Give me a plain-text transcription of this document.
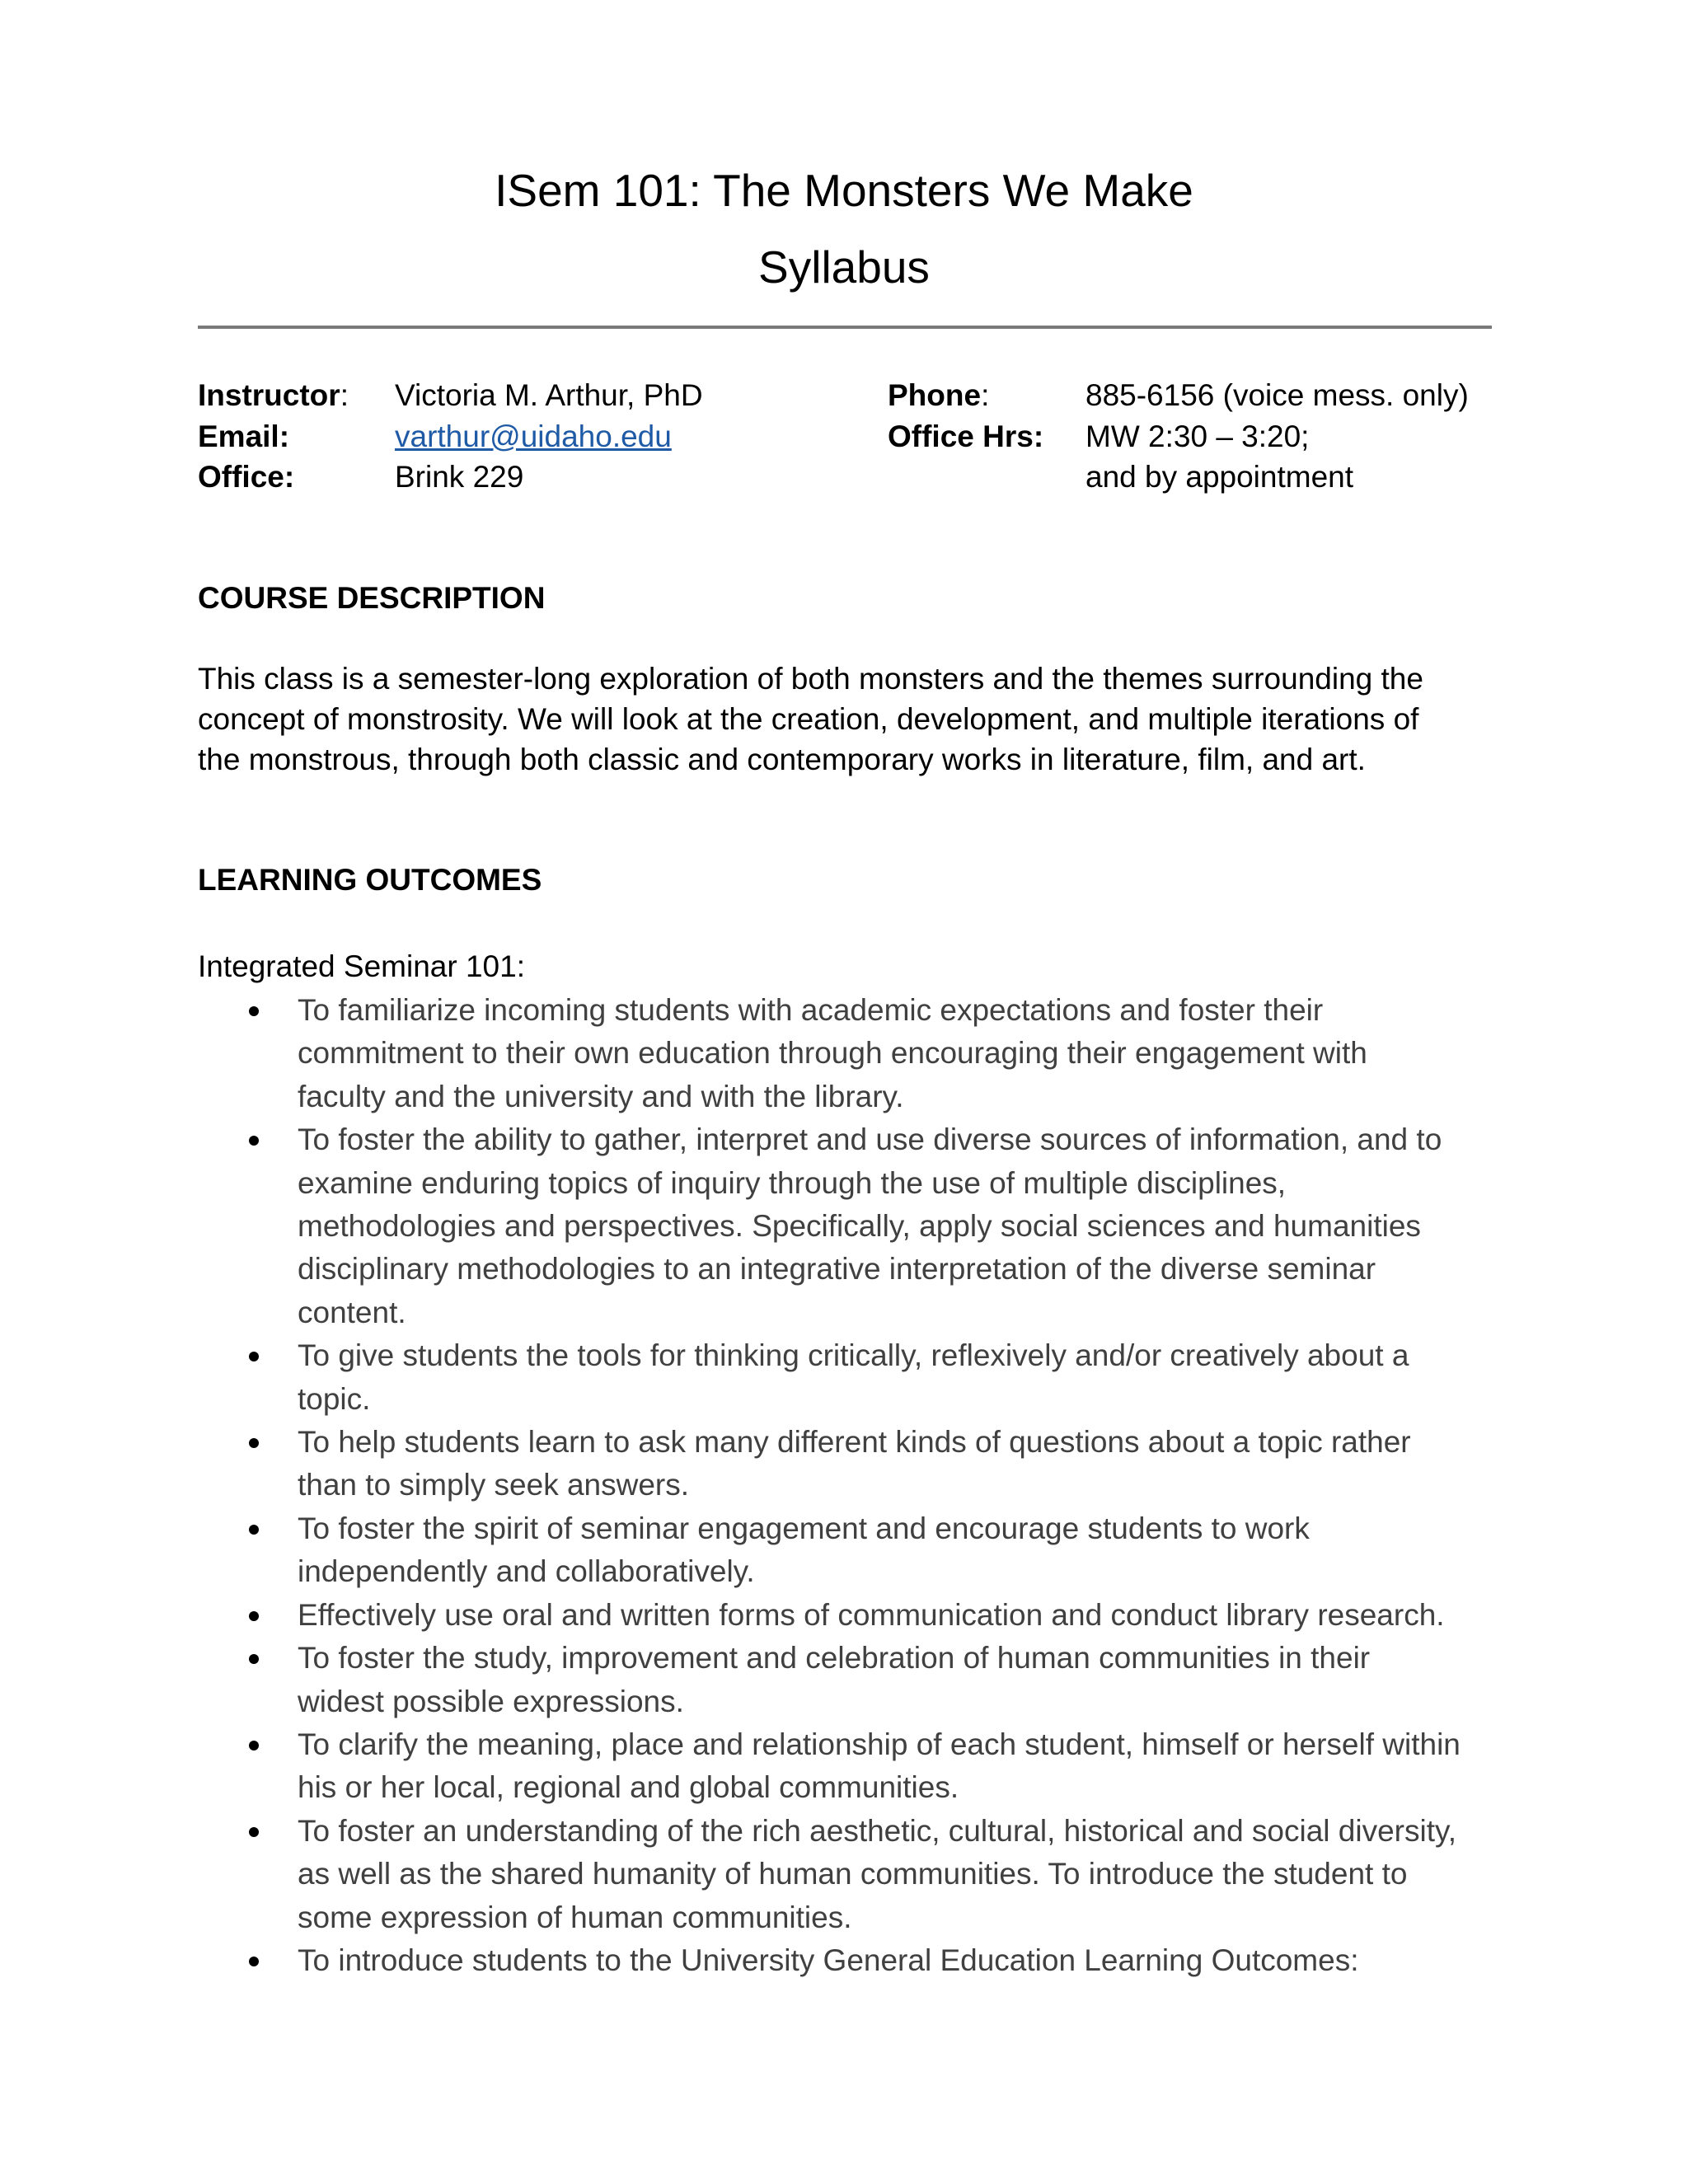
ISem 101: The Monsters We Make
Syllabus
Instructor: Victoria M. Arthur, PhD
Email:	varthur@uidaho.edu
Office:	Brink 229
Phone:	885-6156 (voice mess. only)
Office Hrs: MW 2:30 – 3:20;
and by appointment
COURSE DESCRIPTION
This class is a semester-long exploration of both monsters and the themes surrounding the
concept of monstrosity. We will look at the creation, development, and multiple iterations of
the monstrous, through both classic and contemporary works in literature, film, and art.
LEARNING OUTCOMES
Integrated Seminar 101:
To familiarize incoming students with academic expectations and foster their
commitment to their own education through encouraging their engagement with
faculty and the university and with the library.
To foster the ability to gather, interpret and use diverse sources of information, and to
examine enduring topics of inquiry through the use of multiple disciplines,
methodologies and perspectives. Specifically, apply social sciences and humanities
disciplinary methodologies to an integrative interpretation of the diverse seminar
content.
To give students the tools for thinking critically, reflexively and/or creatively about a
topic.
To help students learn to ask many different kinds of questions about a topic rather
than to simply seek answers.
To foster the spirit of seminar engagement and encourage students to work
independently and collaboratively.
Effectively use oral and written forms of communication and conduct library research.
To foster the study, improvement and celebration of human communities in their
widest possible expressions.
To clarify the meaning, place and relationship of each student, himself or herself within
his or her local, regional and global communities.
To foster an understanding of the rich aesthetic, cultural, historical and social diversity,
as well as the shared humanity of human communities. To introduce the student to
some expression of human communities.
To introduce students to the University General Education Learning Outcomes:
